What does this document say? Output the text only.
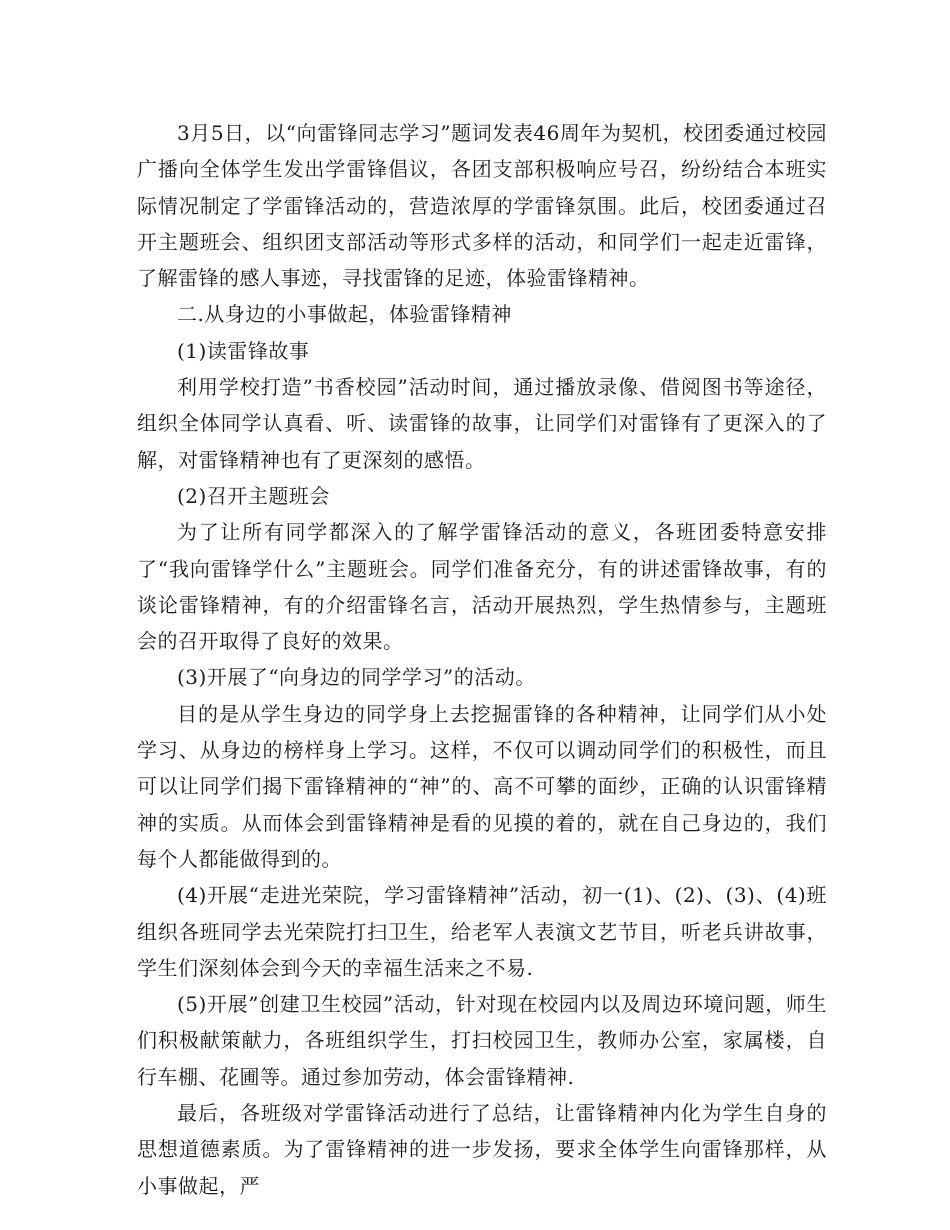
3月5日，以“向雷锋同志学习”题词发表46周年为契机，校团委通过校园广播向全体学生发出学雷锋倡议，各团支部积极响应号召，纷纷结合本班实际情况制定了学雷锋活动的，营造浓厚的学雷锋氛围。此后，校团委通过召开主题班会、组织团支部活动等形式多样的活动，和同学们一起走近雷锋，了解雷锋的感人事迹，寻找雷锋的足迹，体验雷锋精神。

二.从身边的小事做起，体验雷锋精神

(1)读雷锋故事

利用学校打造”书香校园”活动时间，通过播放录像、借阅图书等途径，组织全体同学认真看、听、读雷锋的故事，让同学们对雷锋有了更深入的了解，对雷锋精神也有了更深刻的感悟。

(2)召开主题班会

为了让所有同学都深入的了解学雷锋活动的意义，各班团委特意安排了“我向雷锋学什么”主题班会。同学们准备充分，有的讲述雷锋故事，有的谈论雷锋精神，有的介绍雷锋名言，活动开展热烈，学生热情参与，主题班会的召开取得了良好的效果。

(3)开展了“向身边的同学学习”的活动。

目的是从学生身边的同学身上去挖掘雷锋的各种精神，让同学们从小处学习、从身边的榜样身上学习。这样，不仅可以调动同学们的积极性，而且可以让同学们揭下雷锋精神的“神”的、高不可攀的面纱，正确的认识雷锋精神的实质。从而体会到雷锋精神是看的见摸的着的，就在自己身边的，我们每个人都能做得到的。

(4)开展“走进光荣院，学习雷锋精神”活动，初一(1)、(2)、(3)、(4)班组织各班同学去光荣院打扫卫生，给老军人表演文艺节目，听老兵讲故事，学生们深刻体会到今天的幸福生活来之不易.

(5)开展”创建卫生校园”活动，针对现在校园内以及周边环境问题，师生们积极献策献力，各班组织学生，打扫校园卫生，教师办公室，家属楼，自行车棚、花圃等。通过参加劳动，体会雷锋精神.

最后，各班级对学雷锋活动进行了总结，让雷锋精神内化为学生自身的思想道德素质。为了雷锋精神的进一步发扬，要求全体学生向雷锋那样，从小事做起，严
